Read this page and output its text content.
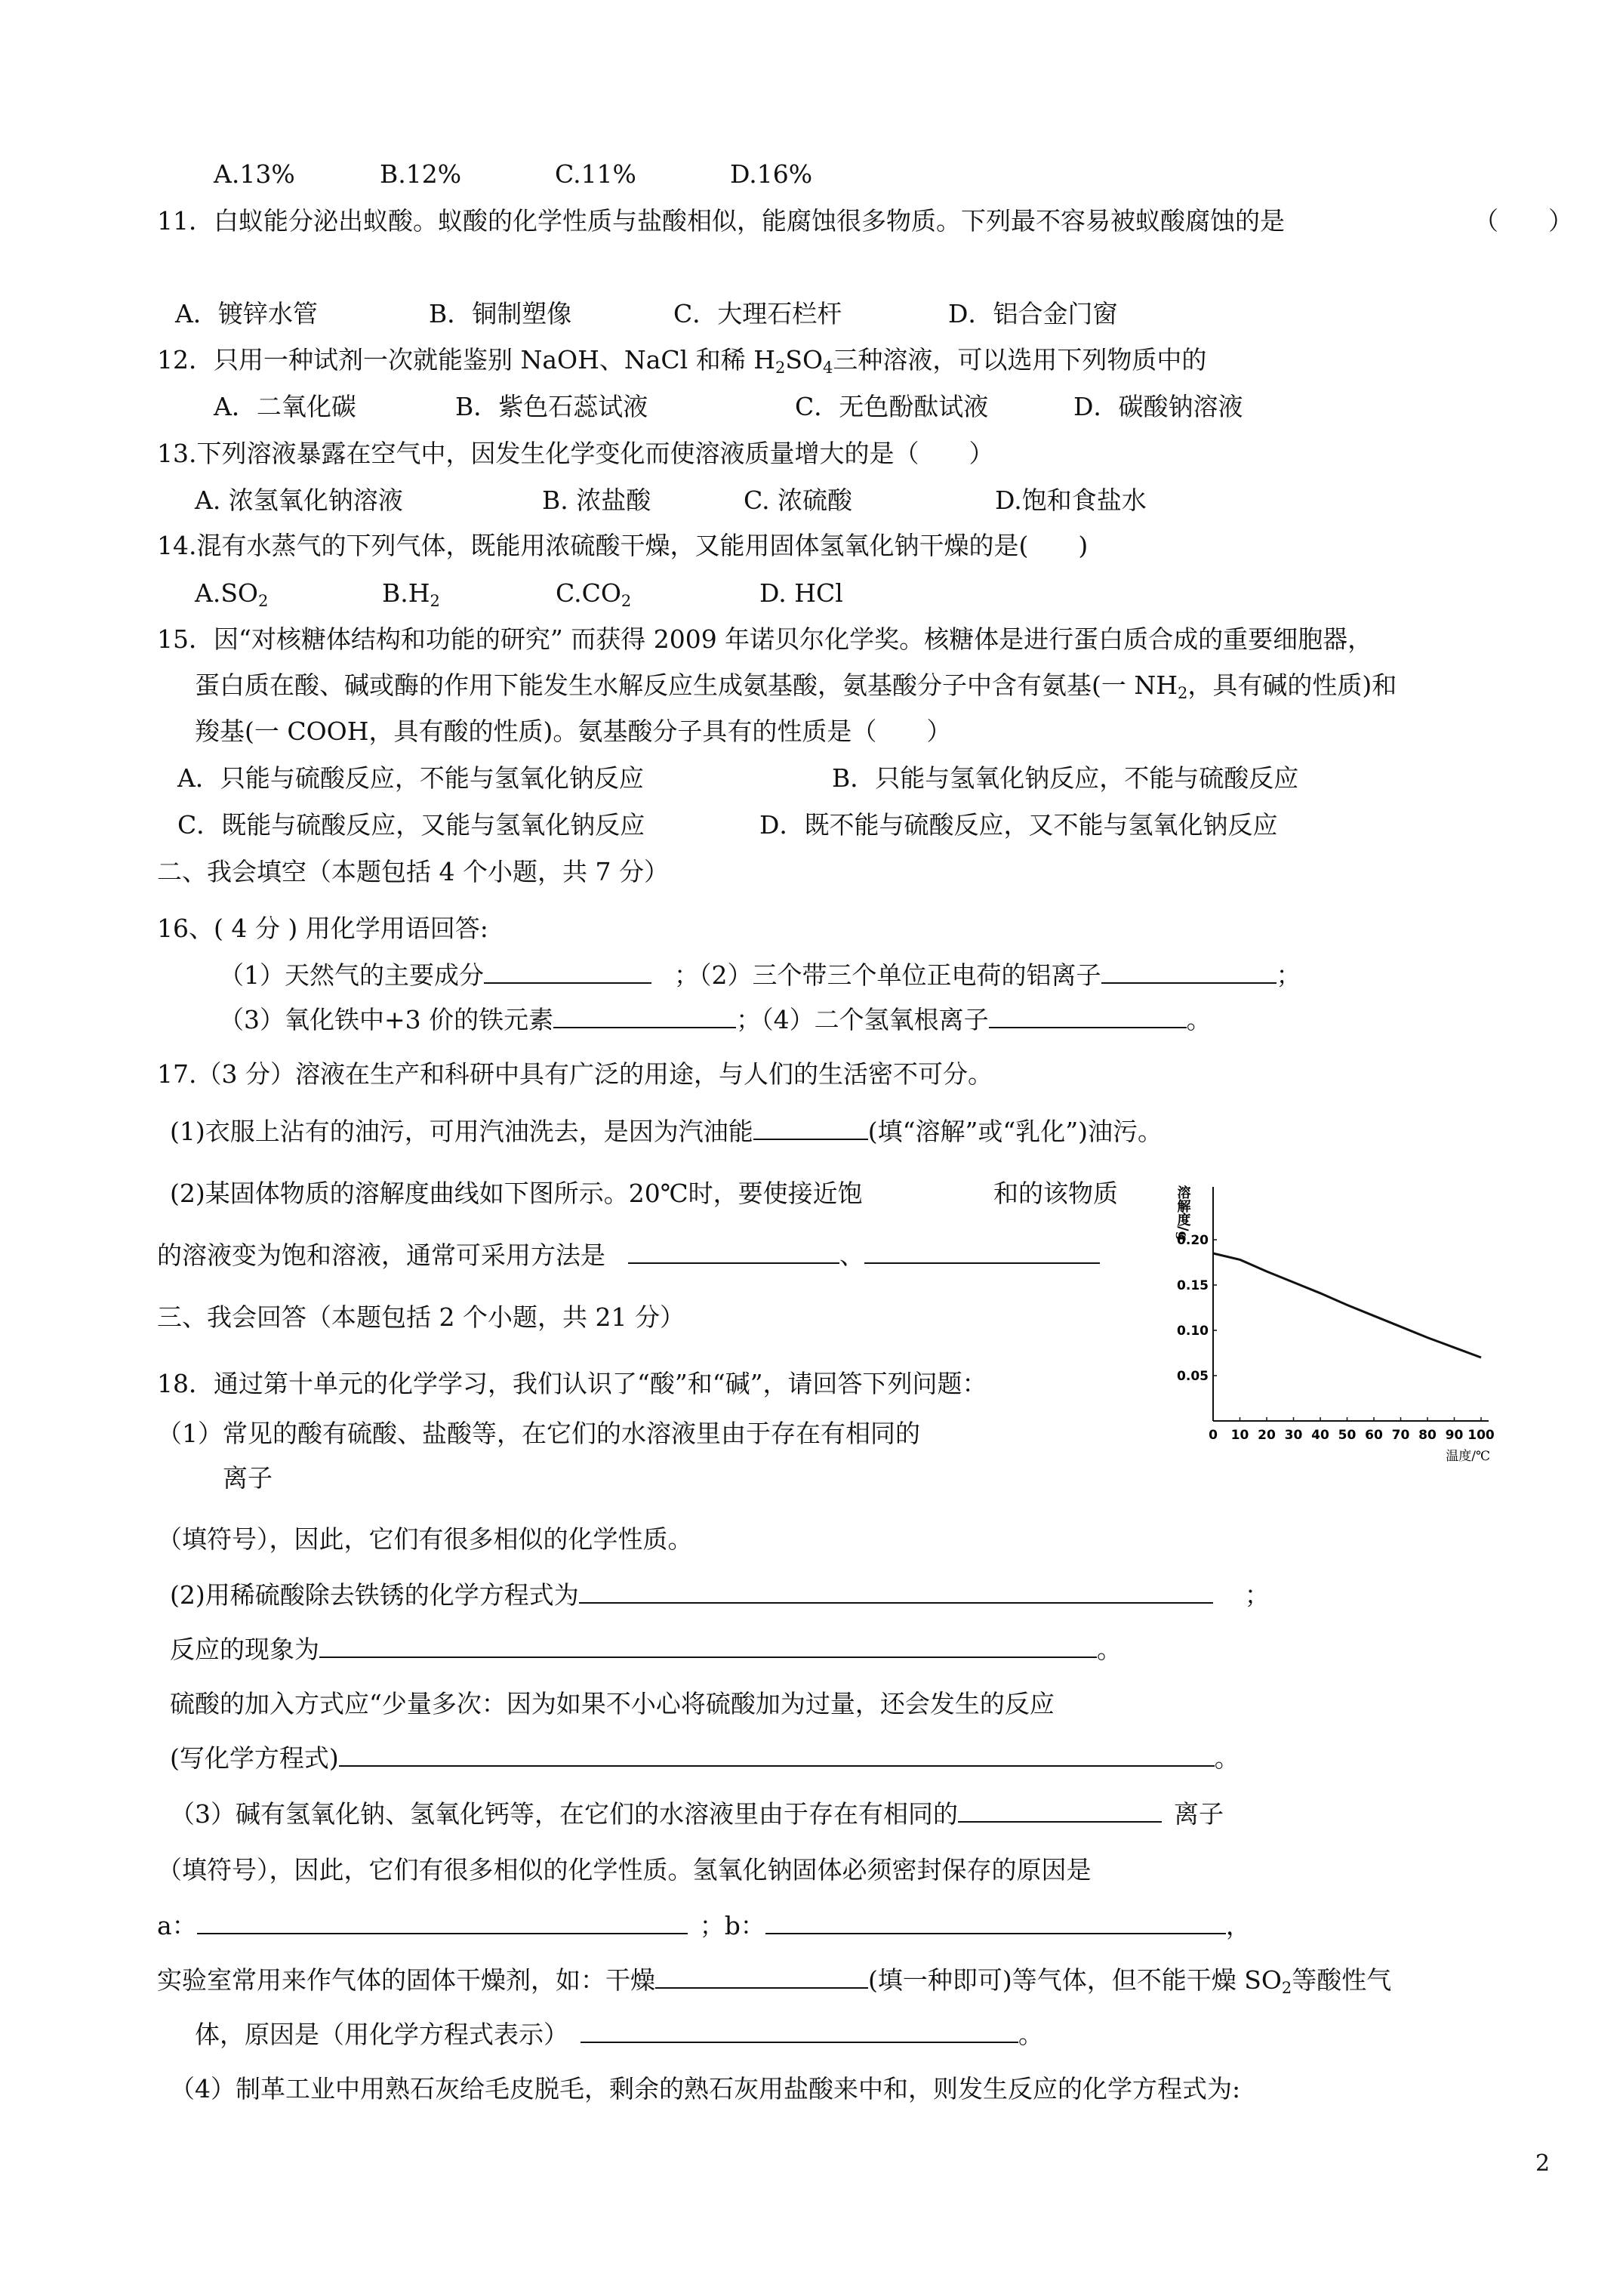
A.13%	B.12%	C.11%	D.16%
11．白蚁能分泌出蚁酸。蚁酸的化学性质与盐酸相似，能腐蚀很多物质。下列最不容易被蚁酸腐蚀的是	（　　）
A．镀锌水管	B．铜制塑像	C．大理石栏杆	D．铝合金门窗
12．只用一种试剂一次就能鉴别 NaOH、NaCl 和稀 $H_2SO_4$三种溶液，可以选用下列物质中的
A．二氧化碳	B．紫色石蕊试液	C．无色酚酞试液	D．碳酸钠溶液
13.下列溶液暴露在空气中，因发生化学变化而使溶液质量增大的是（　　）
A. 浓氢氧化钠溶液	B. 浓盐酸	C. 浓硫酸	D.饱和食盐水
14.混有水蒸气的下列气体，既能用浓硫酸干燥，又能用固体氢氧化钠干燥的是(　　)
$A.SO_2$	$B.H_2$	$C.CO_2$	D. HCl
15．因“对核糖体结构和功能的研究” 而获得 2009 年诺贝尔化学奖。核糖体是进行蛋白质合成的重要细胞器，
蛋白质在酸、碱或酶的作用下能发生水解反应生成氨基酸，氨基酸分子中含有氨基(一 $NH_2$，具有碱的性质)和
羧基(一 COOH，具有酸的性质)。氨基酸分子具有的性质是（　　）
A．只能与硫酸反应，不能与氢氧化钠反应	B．只能与氢氧化钠反应，不能与硫酸反应
C．既能与硫酸反应，又能与氢氧化钠反应	D．既不能与硫酸反应，又不能与氢氧化钠反应
二、我会填空（本题包括 4 个小题，共 7 分）
16、( 4 分 ) 用化学用语回答:
（1）天然气的主要成分	；（2）三个带三个单位正电荷的铝离子	；
（3）氧化铁中+3 价的铁元素	；（4）二个氢氧根离子	。
17.（3 分）溶液在生产和科研中具有广泛的用途，与人们的生活密不可分。
(1)衣服上沾有的油污，可用汽油洗去，是因为汽油能	(填“溶解”或“乳化”)油污。
(2)某固体物质的溶解度曲线如下图所示。20℃时，要使接近饱	和的该物质
的溶液变为饱和溶液，通常可采用方法是	、
0 10 20 30 40 50 60 70 80 90 100
0.05
0.10
0.15
0.20
溶解度/g
温度/℃
三、我会回答（本题包括 2 个小题，共 21 分）
18．通过第十单元的化学学习，我们认识了“酸”和“碱”，请回答下列问题：
（1）常见的酸有硫酸、盐酸等，在它们的水溶液里由于存在有相同的
离子
（填符号），因此，它们有很多相似的化学性质。
(2)用稀硫酸除去铁锈的化学方程式为	；
反应的现象为	。
硫酸的加入方式应“少量多次：因为如果不小心将硫酸加为过量，还会发生的反应
(写化学方程式)	。
（3）碱有氢氧化钠、氢氧化钙等，在它们的水溶液里由于存在有相同的	离子
（填符号），因此，它们有很多相似的化学性质。氢氧化钠固体必须密封保存的原因是
a：	；b：	，
实验室常用来作气体的固体干燥剂，如：干燥	(填一种即可)等气体，但不能干燥 $SO_2$等酸性气
体，原因是（用化学方程式表示）	。
（4）制革工业中用熟石灰给毛皮脱毛，剩余的熟石灰用盐酸来中和，则发生反应的化学方程式为:
2
